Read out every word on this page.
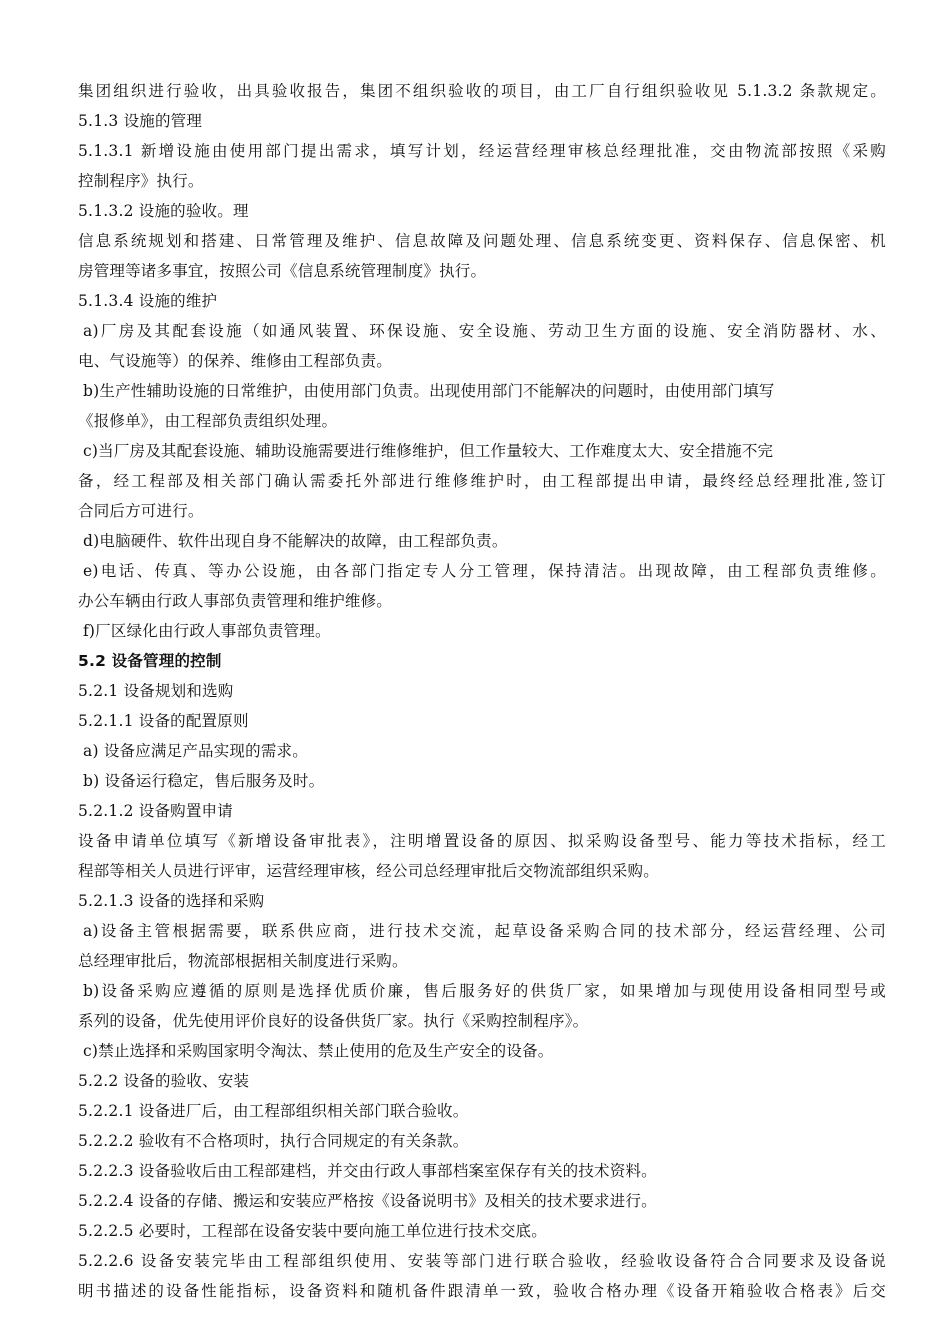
集团组织进行验收，出具验收报告，集团不组织验收的项目，由工厂自行组织验收见 5.1.3.2 条款规定。
5.1.3 设施的管理
5.1.3.1 新增设施由使用部门提出需求，填写计划，经运营经理审核总经理批准，交由物流部按照《采购
控制程序》执行。
5.1.3.2 设施的验收。理
信息系统规划和搭建、日常管理及维护、信息故障及问题处理、信息系统变更、资料保存、信息保密、机
房管理等诸多事宜，按照公司《信息系统管理制度》执行。
5.1.3.4 设施的维护
a)厂房及其配套设施（如通风装置、环保设施、安全设施、劳动卫生方面的设施、安全消防器材、水、
电、气设施等）的保养、维修由工程部负责。
b)生产性辅助设施的日常维护，由使用部门负责。出现使用部门不能解决的问题时，由使用部门填写
《报修单》，由工程部负责组织处理。
c)当厂房及其配套设施、辅助设施需要进行维修维护，但工作量较大、工作难度太大、安全措施不完
备，经工程部及相关部门确认需委托外部进行维修维护时，由工程部提出申请，最终经总经理批准,签订
合同后方可进行。
d)电脑硬件、软件出现自身不能解决的故障，由工程部负责。
e)电话、传真、等办公设施，由各部门指定专人分工管理，保持清洁。出现故障，由工程部负责维修。
办公车辆由行政人事部负责管理和维护维修。
f)厂区绿化由行政人事部负责管理。
5.2 设备管理的控制
5.2.1 设备规划和选购
5.2.1.1 设备的配置原则
a) 设备应满足产品实现的需求。
b) 设备运行稳定，售后服务及时。
5.2.1.2 设备购置申请
设备申请单位填写《新增设备审批表》，注明增置设备的原因、拟采购设备型号、能力等技术指标，经工
程部等相关人员进行评审，运营经理审核，经公司总经理审批后交物流部组织采购。
5.2.1.3 设备的选择和采购
a)设备主管根据需要，联系供应商，进行技术交流，起草设备采购合同的技术部分，经运营经理、公司
总经理审批后，物流部根据相关制度进行采购。
b)设备采购应遵循的原则是选择优质价廉，售后服务好的供货厂家，如果增加与现使用设备相同型号或
系列的设备，优先使用评价良好的设备供货厂家。执行《采购控制程序》。
c)禁止选择和采购国家明令淘汰、禁止使用的危及生产安全的设备。
5.2.2 设备的验收、安装
5.2.2.1 设备进厂后，由工程部组织相关部门联合验收。
5.2.2.2 验收有不合格项时，执行合同规定的有关条款。
5.2.2.3 设备验收后由工程部建档，并交由行政人事部档案室保存有关的技术资料。
5.2.2.4 设备的存储、搬运和安装应严格按《设备说明书》及相关的技术要求进行。
5.2.2.5 必要时，工程部在设备安装中要向施工单位进行技术交底。
5.2.2.6 设备安装完毕由工程部组织使用、安装等部门进行联合验收，经验收设备符合合同要求及设备说
明书描述的设备性能指标，设备资料和随机备件跟清单一致，验收合格办理《设备开箱验收合格表》后交
